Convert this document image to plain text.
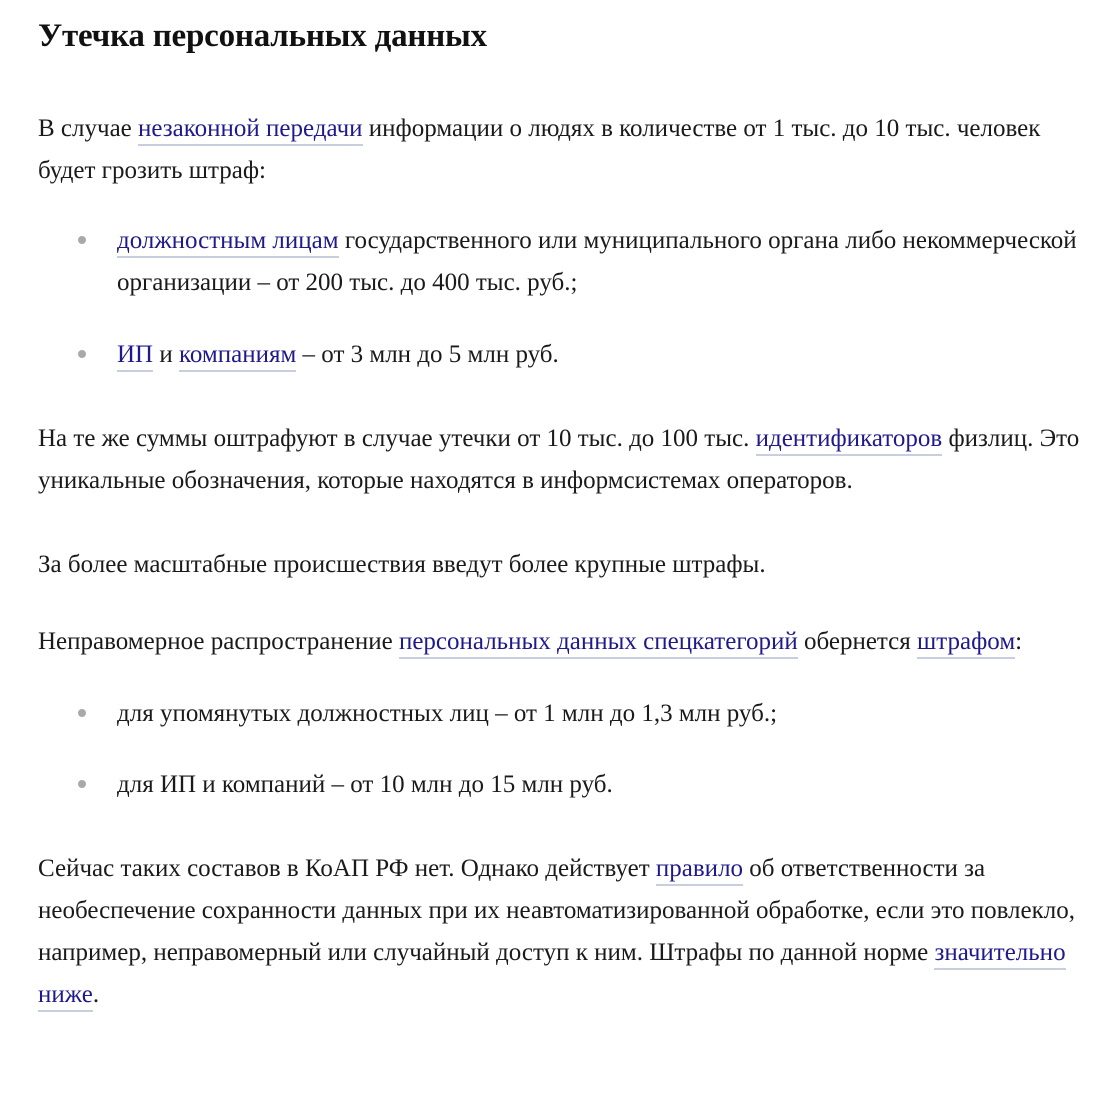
Утечка персональных данных

В случае незаконной передачи информации о людях в количестве от 1 тыс. до 10 тыс. человек будет грозить штраф:

должностным лицам государственного или муниципального органа либо некоммерческой организации – от 200 тыс. до 400 тыс. руб.;
ИП и компаниям – от 3 млн до 5 млн руб.

На те же суммы оштрафуют в случае утечки от 10 тыс. до 100 тыс. идентификаторов физлиц. Это уникальные обозначения, которые находятся в информсистемах операторов.

За более масштабные происшествия введут более крупные штрафы.

Неправомерное распространение персональных данных спецкатегорий обернется штрафом:

для упомянутых должностных лиц – от 1 млн до 1,3 млн руб.;
для ИП и компаний – от 10 млн до 15 млн руб.

Сейчас таких составов в КоАП РФ нет. Однако действует правило об ответственности за необеспечение сохранности данных при их неавтоматизированной обработке, если это повлекло, например, неправомерный или случайный доступ к ним. Штрафы по данной норме значительно ниже.
